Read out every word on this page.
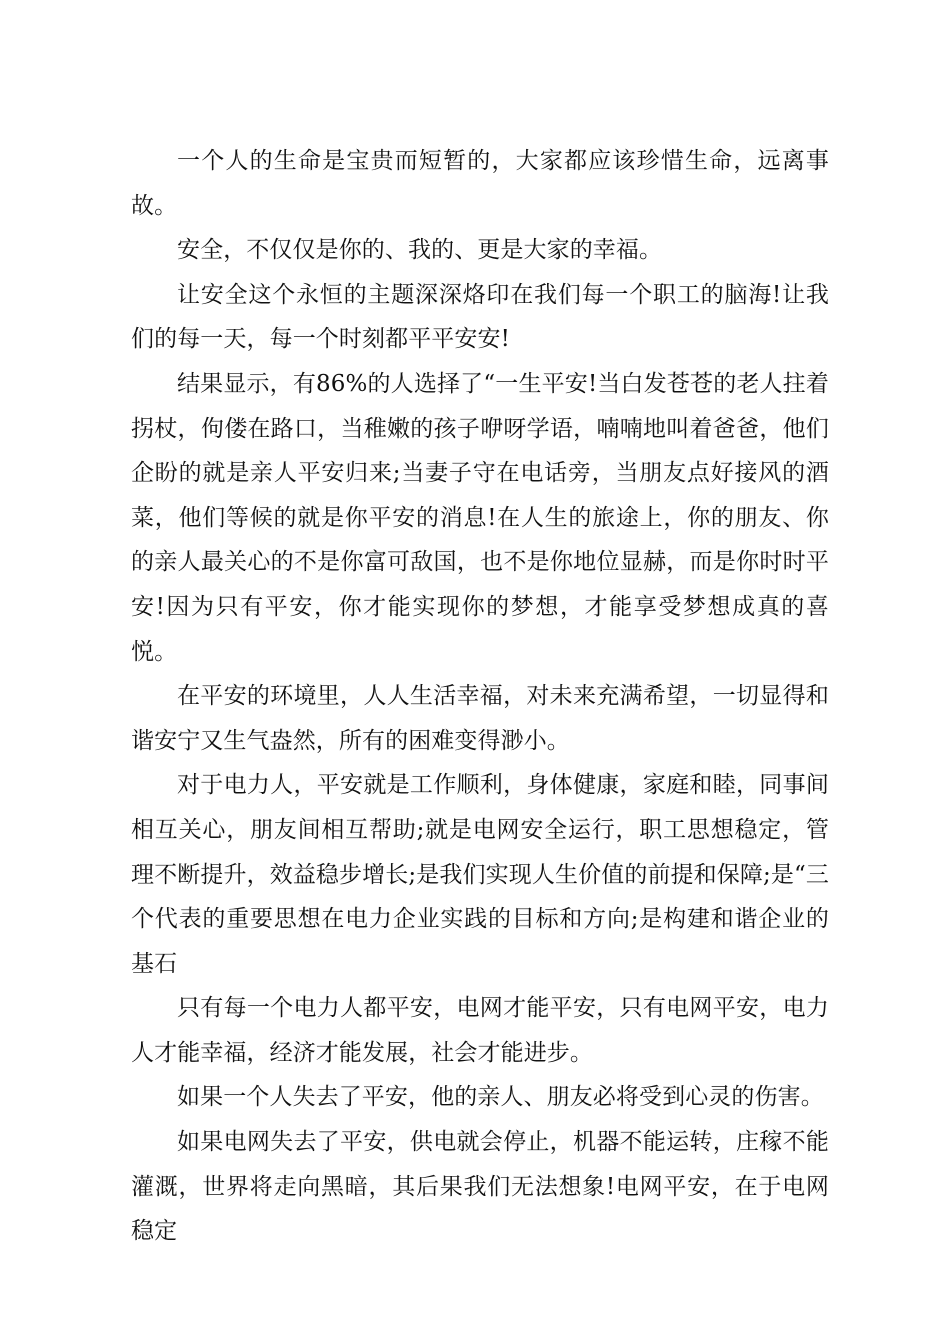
一个人的生命是宝贵而短暂的，大家都应该珍惜生命，远离事故。

安全，不仅仅是你的、我的、更是大家的幸福。

让安全这个永恒的主题深深烙印在我们每一个职工的脑海!让我们的每一天，每一个时刻都平平安安!

结果显示，有86%的人选择了“一生平安!当白发苍苍的老人拄着拐杖，佝偻在路口，当稚嫩的孩子咿呀学语，喃喃地叫着爸爸，他们企盼的就是亲人平安归来;当妻子守在电话旁，当朋友点好接风的酒菜，他们等候的就是你平安的消息!在人生的旅途上，你的朋友、你的亲人最关心的不是你富可敌国，也不是你地位显赫，而是你时时平安!因为只有平安，你才能实现你的梦想，才能享受梦想成真的喜悦。

在平安的环境里，人人生活幸福，对未来充满希望，一切显得和谐安宁又生气盎然，所有的困难变得渺小。

对于电力人，平安就是工作顺利，身体健康，家庭和睦，同事间相互关心，朋友间相互帮助;就是电网安全运行，职工思想稳定，管理不断提升，效益稳步增长;是我们实现人生价值的前提和保障;是“三个代表的重要思想在电力企业实践的目标和方向;是构建和谐企业的基石

只有每一个电力人都平安，电网才能平安，只有电网平安，电力人才能幸福，经济才能发展，社会才能进步。

如果一个人失去了平安，他的亲人、朋友必将受到心灵的伤害。

如果电网失去了平安，供电就会停止，机器不能运转，庄稼不能灌溉，世界将走向黑暗，其后果我们无法想象!电网平安，在于电网稳定
